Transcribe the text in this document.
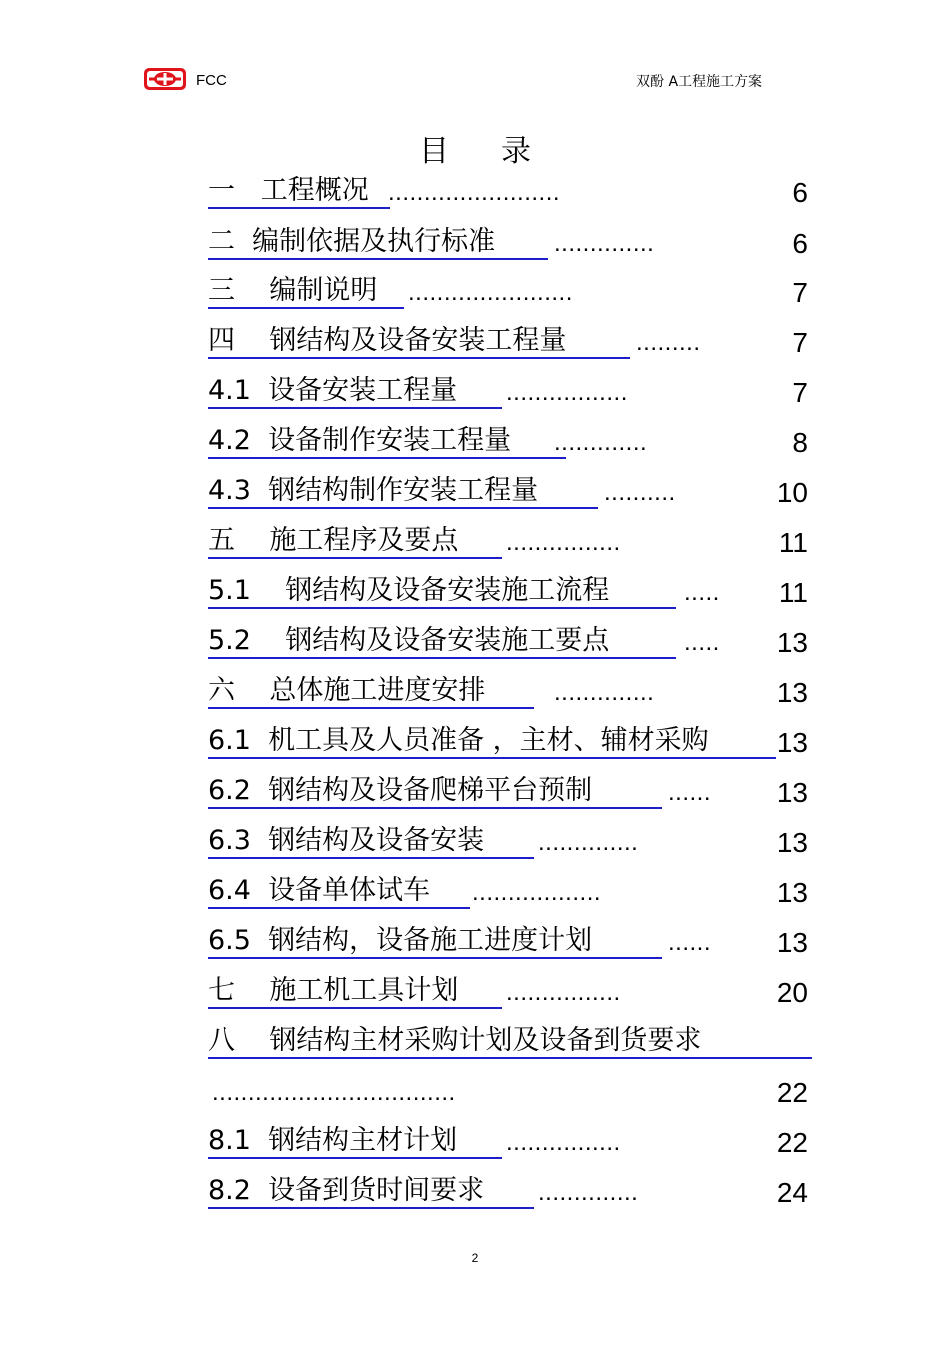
FCC	双酚 A工程施工方案
目录
一   工程概况 ........................	6
二  编制依据及执行标准	..............	6
三    编制说明	.......................	7
四    钢结构及设备安装工程量	.........	7
4.1  设备安装工程量	.................	7
4.2  设备制作安装工程量	.............	8
4.3  钢结构制作安装工程量	..........	10
五    施工程序及要点	................	11
5.1    钢结构及设备安装施工流程	..... 11
5.2    钢结构及设备安装施工要点	..... 13
六    总体施工进度安排	..............	13
6.1  机工具及人员准备 ，主材、辅材采购	13
6.2  钢结构及设备爬梯平台预制	...... 13
6.3  钢结构及设备安装	..............	13
6.4  设备单体试车	..................	13
6.5  钢结构，设备施工进度计划	...... 13
七    施工机工具计划	................	20
八    钢结构主材采购计划及设备到货要求
..................................	22
8.1  钢结构主材计划	................	22
8.2  设备到货时间要求	..............	24
2
